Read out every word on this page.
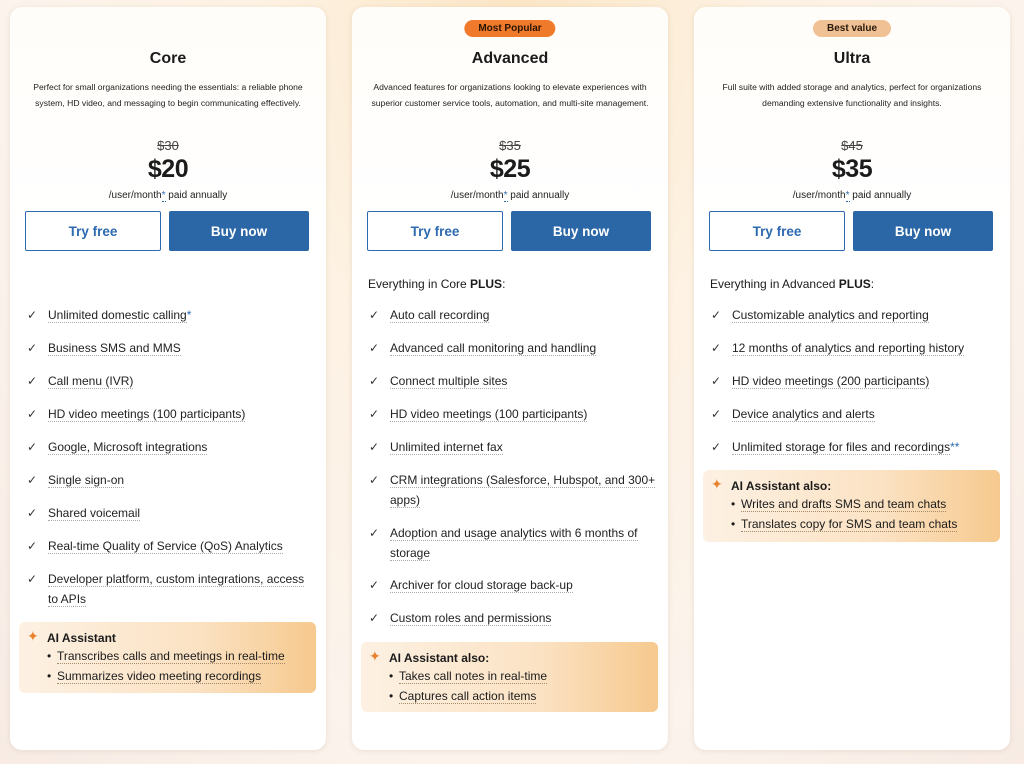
Core
Perfect for small organizations needing the essentials: a reliable phone system, HD video, and messaging to begin communicating effectively.
$30
$20
/user/month* paid annually
Try free	Buy now
✓ Unlimited domestic calling*
✓ Business SMS and MMS
✓ Call menu (IVR)
✓ HD video meetings (100 participants)
✓ Google, Microsoft integrations
✓ Single sign-on
✓ Shared voicemail
✓ Real-time Quality of Service (QoS) Analytics
✓ Developer platform, custom integrations, access to APIs
✦ AI Assistant
• Transcribes calls and meetings in real-time
• Summarizes video meeting recordings
Most Popular
Advanced
Advanced features for organizations looking to elevate experiences with superior customer service tools, automation, and multi-site management.
$35
$25
/user/month* paid annually
Try free	Buy now
Everything in Core PLUS:
✓ Auto call recording
✓ Advanced call monitoring and handling
✓ Connect multiple sites
✓ HD video meetings (100 participants)
✓ Unlimited internet fax
✓ CRM integrations (Salesforce, Hubspot, and 300+ apps)
✓ Adoption and usage analytics with 6 months of storage
✓ Archiver for cloud storage back-up
✓ Custom roles and permissions
✦ AI Assistant also:
• Takes call notes in real-time
• Captures call action items
Best value
Ultra
Full suite with added storage and analytics, perfect for organizations demanding extensive functionality and insights.
$45
$35
/user/month* paid annually
Try free	Buy now
Everything in Advanced PLUS:
✓ Customizable analytics and reporting
✓ 12 months of analytics and reporting history
✓ HD video meetings (200 participants)
✓ Device analytics and alerts
✓ Unlimited storage for files and recordings**
✦ AI Assistant also:
• Writes and drafts SMS and team chats
• Translates copy for SMS and team chats
